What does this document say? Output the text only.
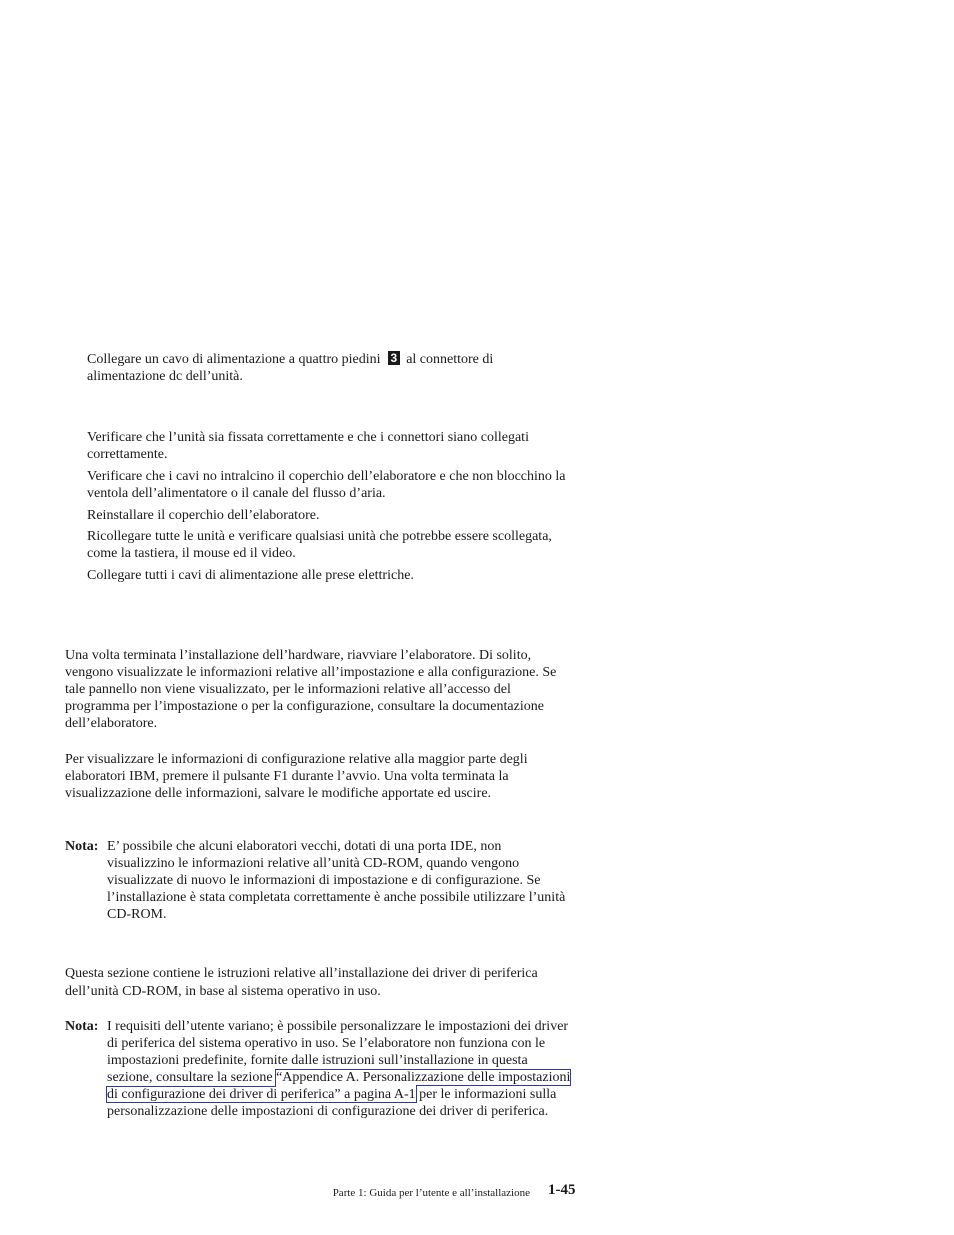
Collegare un cavo di alimentazione a quattro piedini 3 al connettore di alimentazione dc dell’unità.
Verificare che l’unità sia fissata correttamente e che i connettori siano collegati correttamente.
Verificare che i cavi no intralcino il coperchio dell’elaboratore e che non blocchino la ventola dell’alimentatore o il canale del flusso d’aria.
Reinstallare il coperchio dell’elaboratore.
Ricollegare tutte le unità e verificare qualsiasi unità che potrebbe essere scollegata, come la tastiera, il mouse ed il video.
Collegare tutti i cavi di alimentazione alle prese elettriche.
Una volta terminata l’installazione dell’hardware, riavviare l’elaboratore. Di solito, vengono visualizzate le informazioni relative all’impostazione e alla configurazione. Se tale pannello non viene visualizzato, per le informazioni relative all’accesso del programma per l’impostazione o per la configurazione, consultare la documentazione dell’elaboratore.
Per visualizzare le informazioni di configurazione relative alla maggior parte degli elaboratori IBM, premere il pulsante F1 durante l’avvio. Una volta terminata la visualizzazione delle informazioni, salvare le modifiche apportate ed uscire.
Nota: E’ possibile che alcuni elaboratori vecchi, dotati di una porta IDE, non visualizzino le informazioni relative all’unità CD-ROM, quando vengono visualizzate di nuovo le informazioni di impostazione e di configurazione. Se l’installazione è stata completata correttamente è anche possibile utilizzare l’unità CD-ROM.
Questa sezione contiene le istruzioni relative all’installazione dei driver di periferica dell’unità CD-ROM, in base al sistema operativo in uso.
Nota: I requisiti dell’utente variano; è possibile personalizzare le impostazioni dei driver di periferica del sistema operativo in uso. Se l’elaboratore non funziona con le impostazioni predefinite, fornite dalle istruzioni sull’installazione in questa sezione, consultare la sezione “Appendice A. Personalizzazione delle impostazioni di configurazione dei driver di periferica” a pagina A-1 per le informazioni sulla personalizzazione delle impostazioni di configurazione dei driver di periferica.
Parte 1: Guida per l’utente e all’installazione 1-45
